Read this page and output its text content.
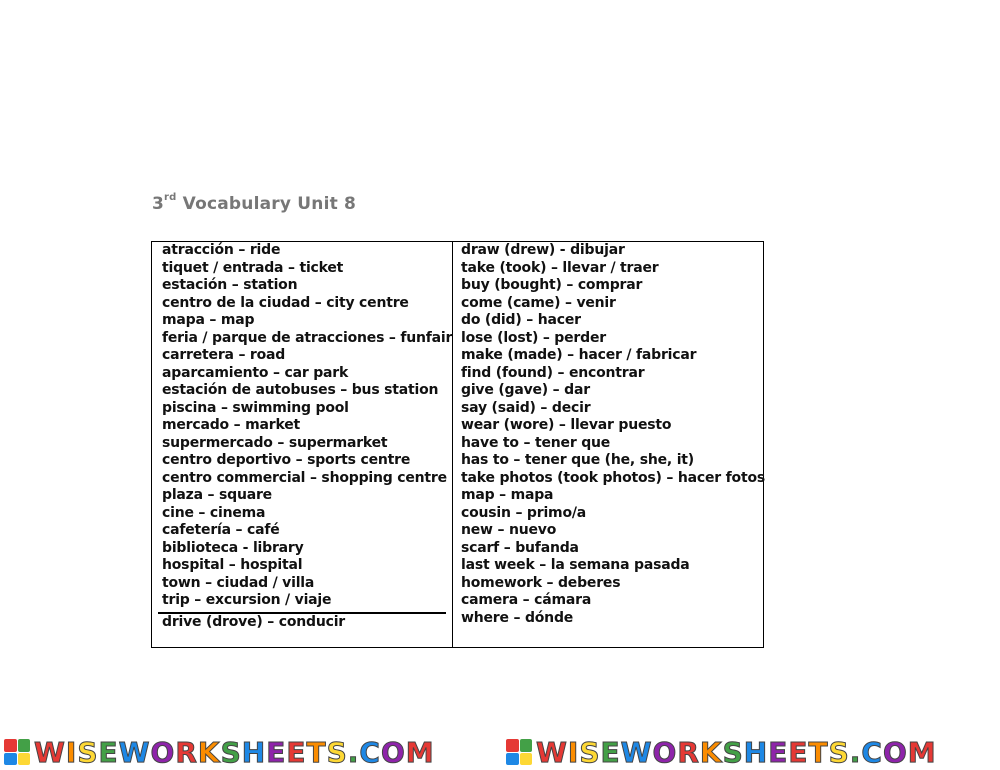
3rd Vocabulary Unit 8
atracción – ride
tiquet / entrada – ticket
estación – station
centro de la ciudad – city centre
mapa – map
feria / parque de atracciones – funfair
carretera – road
aparcamiento – car park
estación de autobuses – bus station
piscina – swimming pool
mercado – market
supermercado – supermarket
centro deportivo – sports centre
centro commercial – shopping centre
plaza – square
cine – cinema
cafetería – café
biblioteca - library
hospital – hospital
town – ciudad / villa
trip – excursion / viaje
drive (drove) – conducir
draw (drew) - dibujar
take (took) – llevar / traer
buy (bought) – comprar
come (came) – venir
do (did) – hacer
lose (lost) – perder
make (made) – hacer / fabricar
find (found) – encontrar
give (gave) – dar
say (said) – decir
wear (wore) – llevar puesto
have to – tener que
has to – tener que (he, she, it)
take photos (took photos) – hacer fotos
map – mapa
cousin – primo/a
new – nuevo
scarf – bufanda
last week – la semana pasada
homework – deberes
camera – cámara
where – dónde
W I S E W O R K S H E E T S . C O M	W I S E W O R K S H E E T S . C O M
